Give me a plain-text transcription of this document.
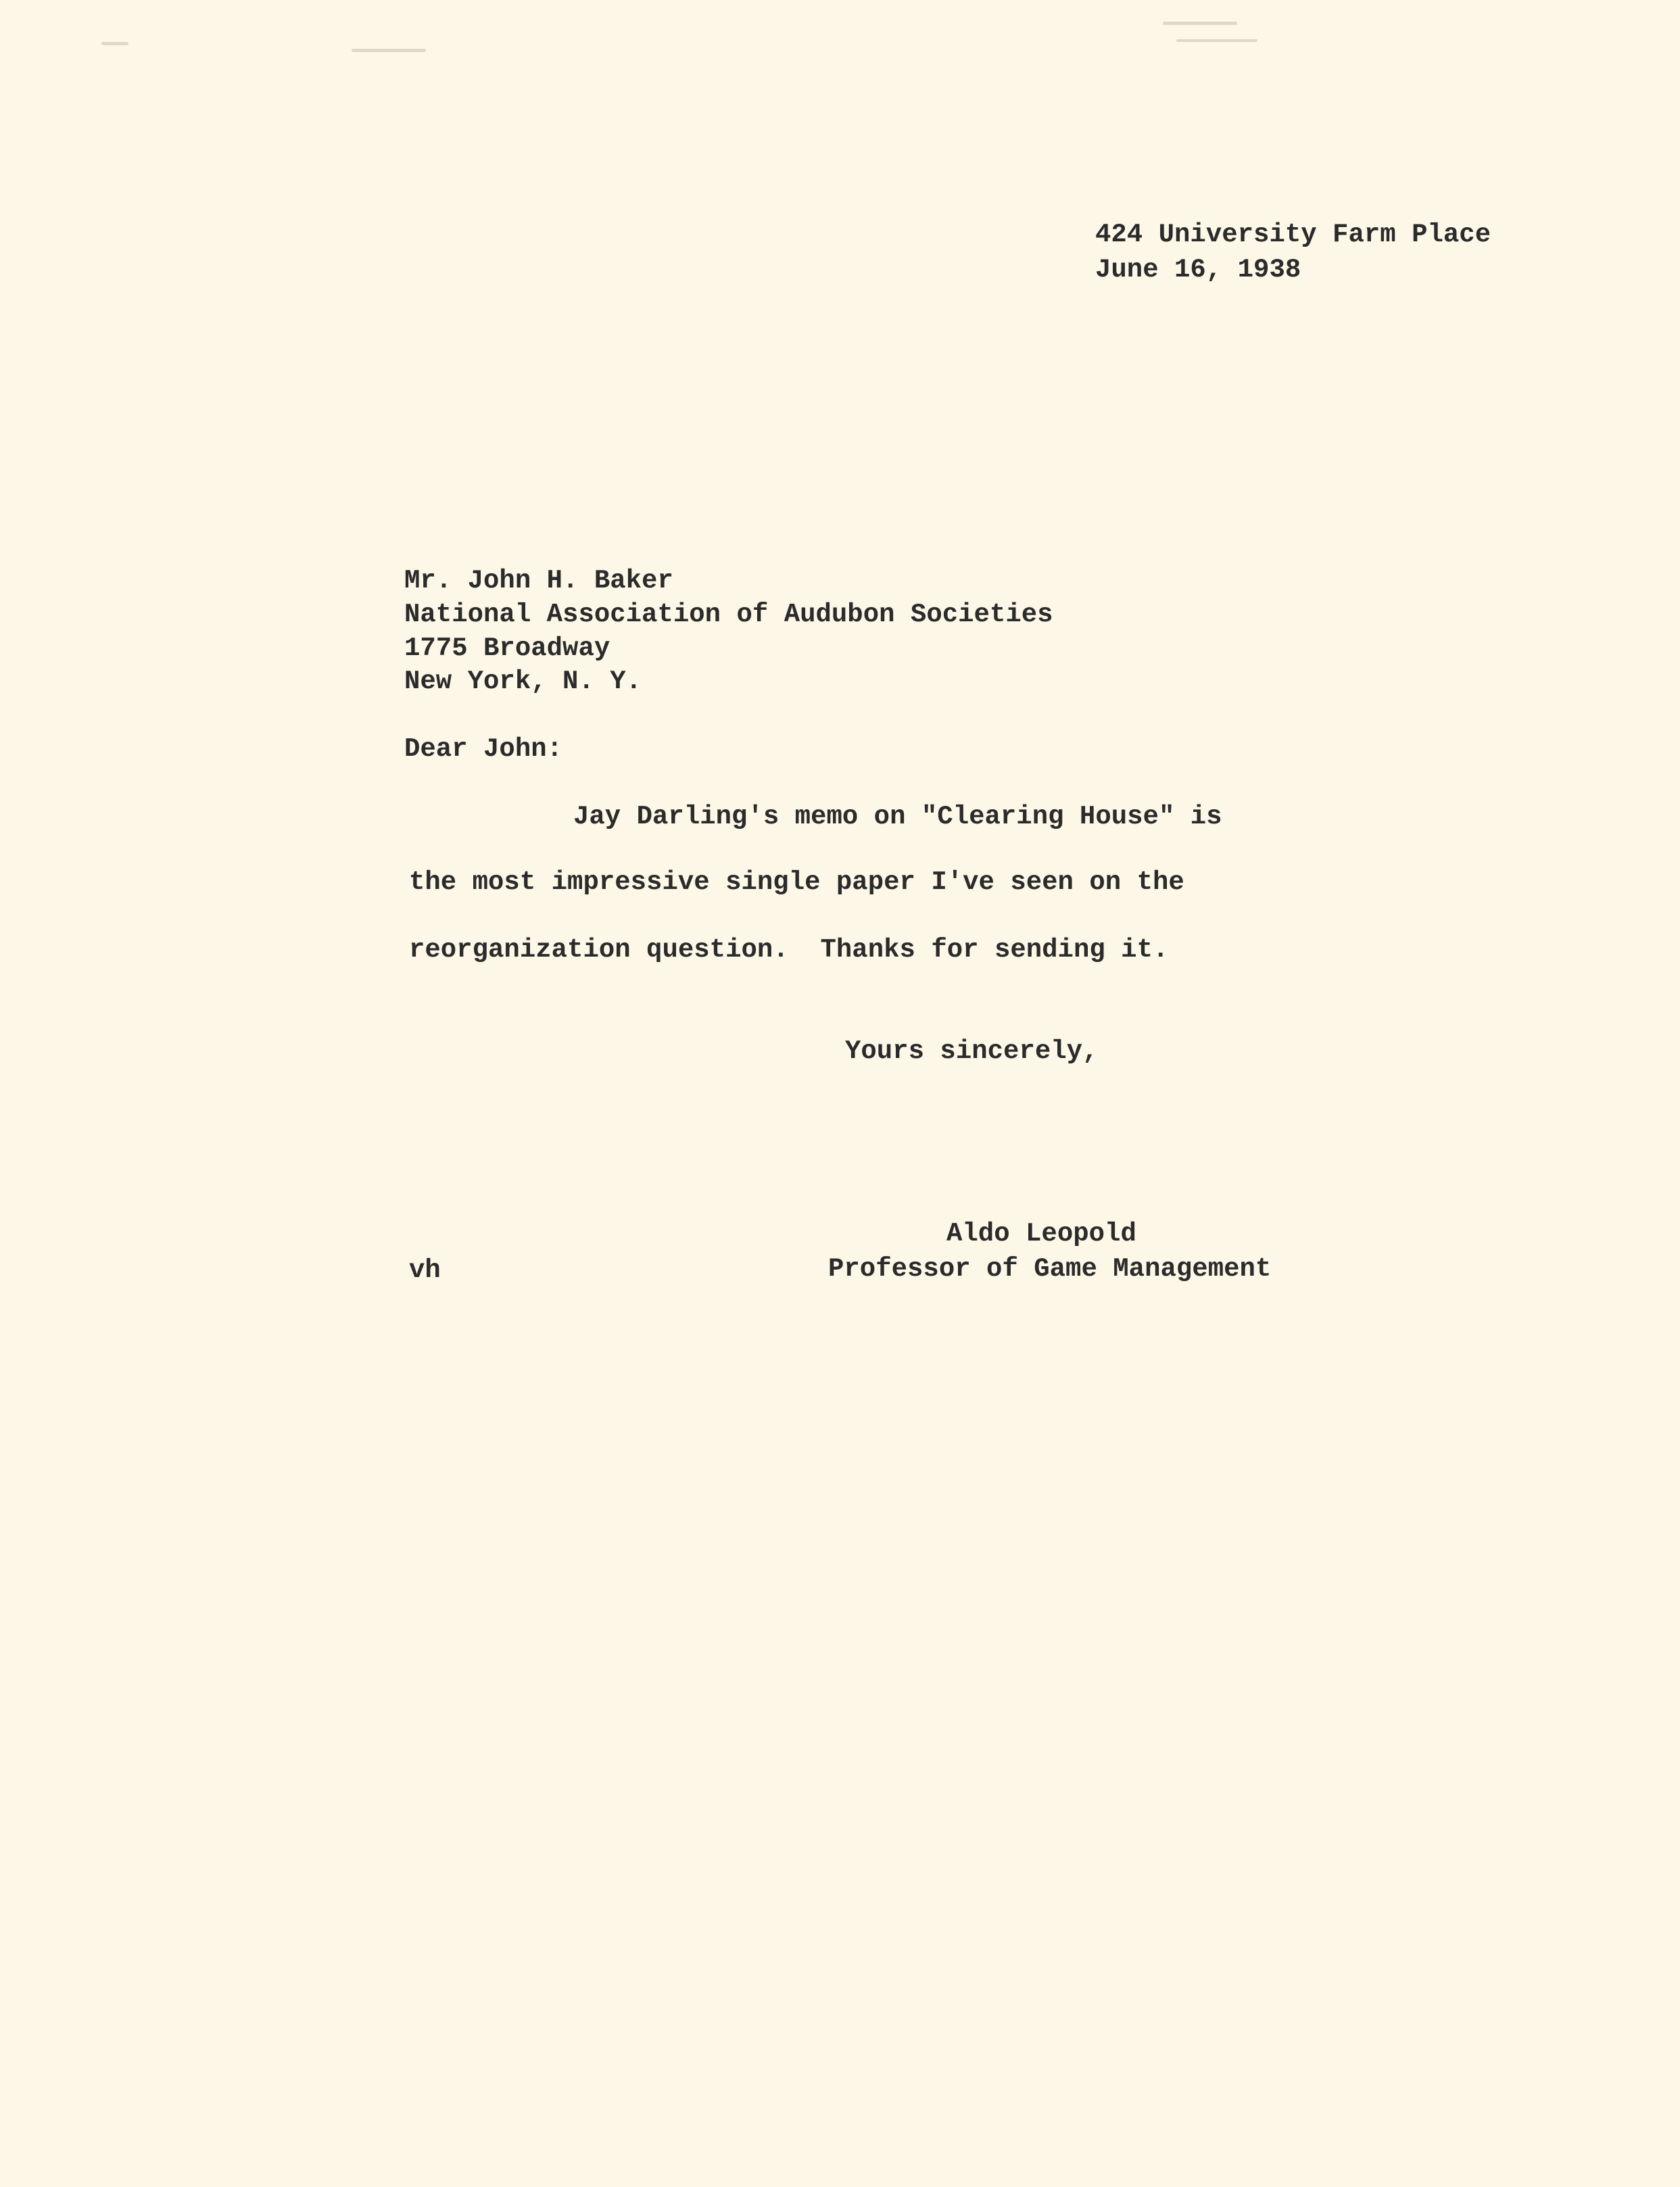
424 University Farm Place
June 16, 1938
Mr. John H. Baker
National Association of Audubon Societies
1775 Broadway
New York, N. Y.
Dear John:
Jay Darling's memo on "Clearing House" is
the most impressive single paper I've seen on the
reorganization question.  Thanks for sending it.
Yours sincerely,
Aldo Leopold
Professor of Game Management
vh
